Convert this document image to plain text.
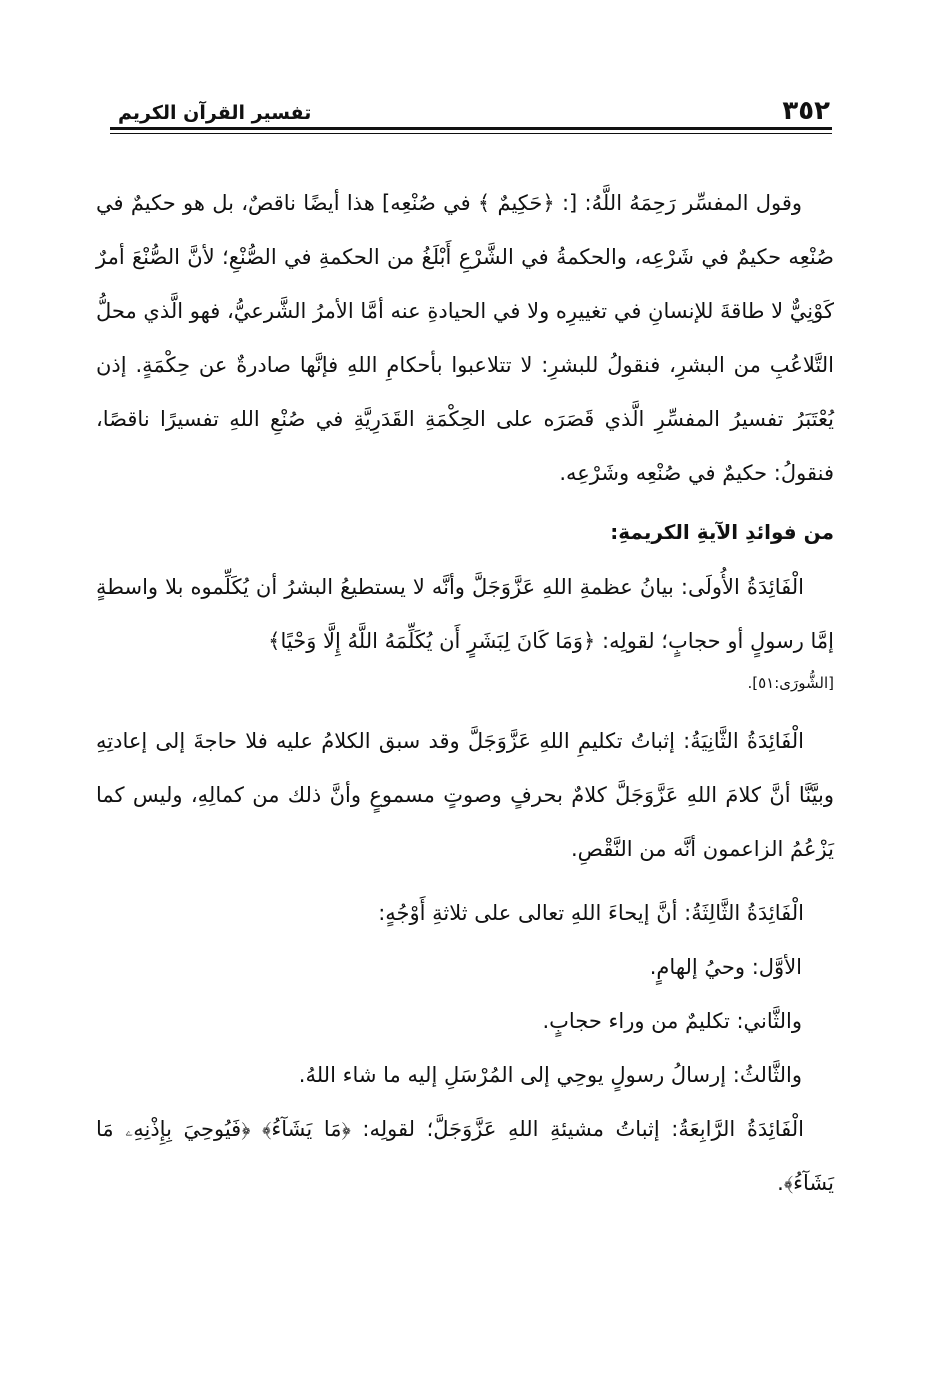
٣٥٢
تفسير القرآن الكريم

وقول المفسِّر رَحِمَهُ اللَّهُ: [: ﴿حَكِيمٌ ﴾ في صُنْعِه] هذا أيضًا ناقصٌ، بل هو حكيمٌ في صُنْعِه حكيمٌ في شَرْعِه، والحكمةُ في الشَّرْعِ أَبْلَغُ من الحكمةِ في الصُّنْعِ؛ لأنَّ الصُّنْعَ أمرٌ كَوْنِيٌّ لا طاقةَ للإنسانِ في تغييرِه ولا في الحيادةِ عنه أمَّا الأمرُ الشَّرعيُّ، فهو الَّذي محلُّ التَّلاعُبِ من البشرِ، فنقولُ للبشرِ: لا تتلاعبوا بأحكامِ اللهِ فإنَّها صادرةٌ عن حِكْمَةٍ. إذن يُعْتَبَرُ تفسيرُ المفسِّرِ الَّذي قَصَرَه على الحِكْمَةِ القَدَرِيَّةِ في صُنْعِ اللهِ تفسيرًا ناقصًا، فنقولُ: حكيمٌ في صُنْعِه وشَرْعِه.

من فوائدِ الآيةِ الكريمةِ:

الْفَائِدَةُ الأُولَى: بيانُ عظمةِ اللهِ عَزَّوَجَلَّ وأنَّه لا يستطيعُ البشرُ أن يُكَلِّموه بلا واسطةٍ إمَّا رسولٍ أو حجابٍ؛ لقولِه: ﴿وَمَا كَانَ لِبَشَرٍ أَن يُكَلِّمَهُ اللَّهُ إِلَّا وَحْيًا﴾

[الشُّورَى:٥١].

الْفَائِدَةُ الثَّانِيَةُ: إثباتُ تكليمِ اللهِ عَزَّوَجَلَّ وقد سبق الكلامُ عليه فلا حاجةَ إلى إعادتِهِ وبيَّنَّا أنَّ كلامَ اللهِ عَزَّوَجَلَّ كلامٌ بحرفٍ وصوتٍ مسموعٍ وأنَّ ذلك من كمالِهِ، وليس كما يَزْعُمُ الزاعمون أنَّه من النَّقْصِ.

الْفَائِدَةُ الثَّالِثَةُ: أنَّ إيحاءَ اللهِ تعالى على ثلاثةِ أَوْجُهٍ:

الأوَّل: وحيُ إلهامٍ.
والثَّاني: تكليمٌ من وراء حجابٍ.
والثَّالثُ: إرسالُ رسولٍ يوحِي إلى المُرْسَلِ إليه ما شاء اللهُ.

الْفَائِدَةُ الرَّابِعَةُ: إثباتُ مشيئةِ اللهِ عَزَّوَجَلَّ؛ لقولِه: ﴿مَا يَشَآءُ﴾ ﴿فَيُوحِيَ بِإِذْنِهِۦ مَا يَشَآءُ﴾.
